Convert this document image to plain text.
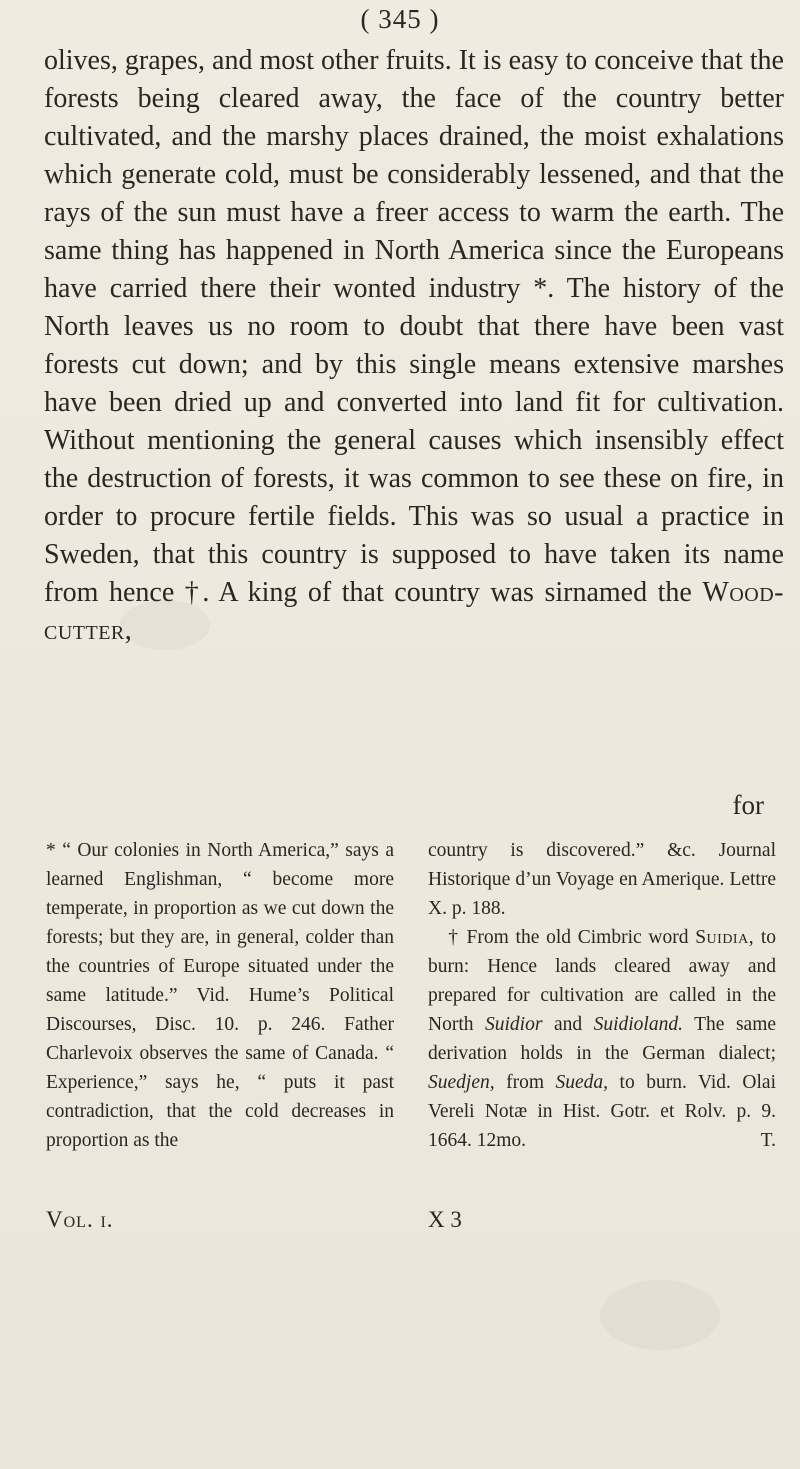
( 345 )

olives, grapes, and most other fruits. It is easy to conceive that the forests being cleared away, the face of the country better cultivated, and the marshy places drained, the moist exhalations which generate cold, must be considerably lessened, and that the rays of the sun must have a freer access to warm the earth. The same thing has happened in North America since the Europeans have carried there their wonted industry *. The history of the North leaves us no room to doubt that there have been vast forests cut down; and by this single means extensive marshes have been dried up and converted into land fit for cultivation. Without mentioning the general causes which insensibly effect the destruction of forests, it was common to see these on fire, in order to procure fertile fields. This was so usual a practice in Sweden, that this country is supposed to have taken its name from hence †. A king of that country was sirnamed the Wood-cutter,

for

* “ Our colonies in North America,” says a learned Englishman, “ become more temperate, in proportion as we cut down the forests; but they are, in general, colder than the countries of Europe situated under the same latitude.” Vid. Hume’s Political Discourses, Disc. 10. p. 246. Father Charlevoix observes the same of Canada. “ Experience,” says he, “ puts it past contradiction, that the cold decreases in proportion as the

country is discovered.” &c. Journal Historique d’un Voyage en Amerique. Lettre X. p. 188.

† From the old Cimbric word Suidia, to burn: Hence lands cleared away and prepared for cultivation are called in the North Suidior and Suidioland. The same derivation holds in the German dialect; Suedjen, from Sueda, to burn. Vid. Olai Vereli Notæ in Hist. Gotr. et Rolv. p. 9. 1664. 12mo.	T.

Vol. i.	X 3
